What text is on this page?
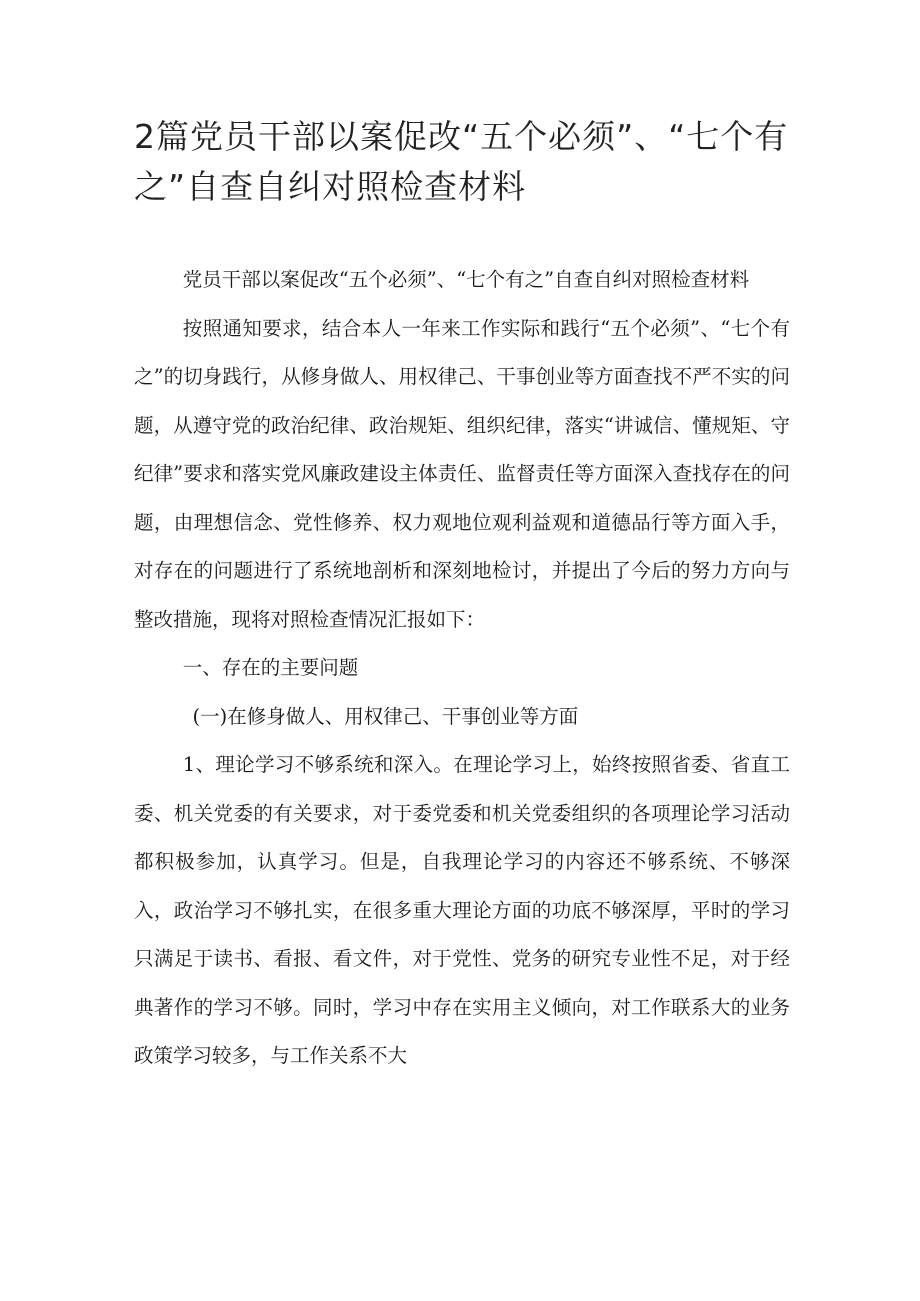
2篇党员干部以案促改“五个必须”、“七个有之”自查自纠对照检查材料

党员干部以案促改“五个必须”、“七个有之”自查自纠对照检查材料

按照通知要求，结合本人一年来工作实际和践行“五个必须”、“七个有之”的切身践行，从修身做人、用权律己、干事创业等方面查找不严不实的问题，从遵守党的政治纪律、政治规矩、组织纪律，落实“讲诚信、懂规矩、守纪律”要求和落实党风廉政建设主体责任、监督责任等方面深入查找存在的问题，由理想信念、党性修养、权力观地位观利益观和道德品行等方面入手，对存在的问题进行了系统地剖析和深刻地检讨，并提出了今后的努力方向与整改措施，现将对照检查情况汇报如下：

一、存在的主要问题

(一)在修身做人、用权律己、干事创业等方面

1、理论学习不够系统和深入。在理论学习上，始终按照省委、省直工委、机关党委的有关要求，对于委党委和机关党委组织的各项理论学习活动都积极参加，认真学习。但是，自我理论学习的内容还不够系统、不够深入，政治学习不够扎实，在很多重大理论方面的功底不够深厚，平时的学习只满足于读书、看报、看文件，对于党性、党务的研究专业性不足，对于经典著作的学习不够。同时，学习中存在实用主义倾向，对工作联系大的业务政策学习较多，与工作关系不大
